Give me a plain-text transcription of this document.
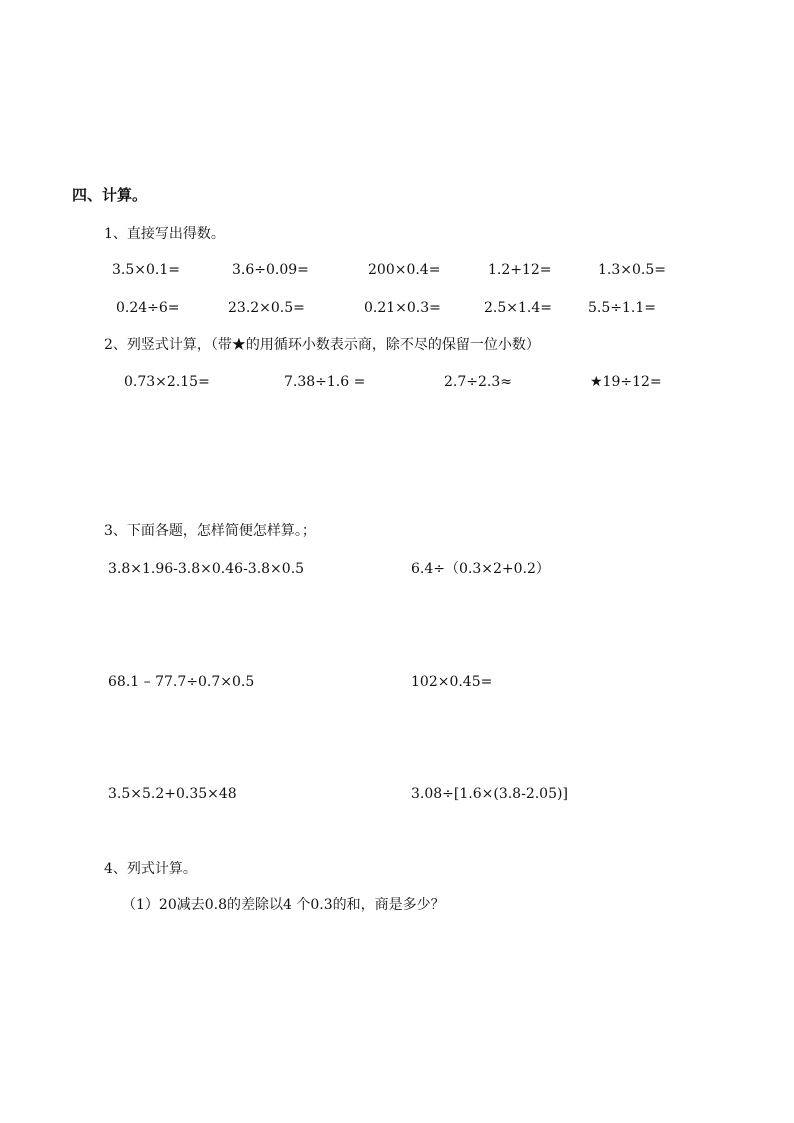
四、计算。
1、直接写出得数。
3.5×0.1=	3.6÷0.09=	200×0.4=	1.2+12=	1.3×0.5=
0.24÷6=	23.2×0.5=	0.21×0.3=	2.5×1.4=	5.5÷1.1=
2、列竖式计算，（带★的用循环小数表示商，除不尽的保留一位小数）
0.73×2.15=	7.38÷1.6 =	2.7÷2.3≈	★19÷12=
3、下面各题，怎样简便怎样算。；
3.8×1.96-3.8×0.46-3.8×0.5	6.4÷（0.3×2+0.2）
68.1 – 77.7÷0.7×0.5	102×0.45=
3.5×5.2+0.35×48	3.08÷[1.6×(3.8-2.05)]
4、列式计算。
（1）20减去0.8的差除以4 个0.3的和，商是多少？
